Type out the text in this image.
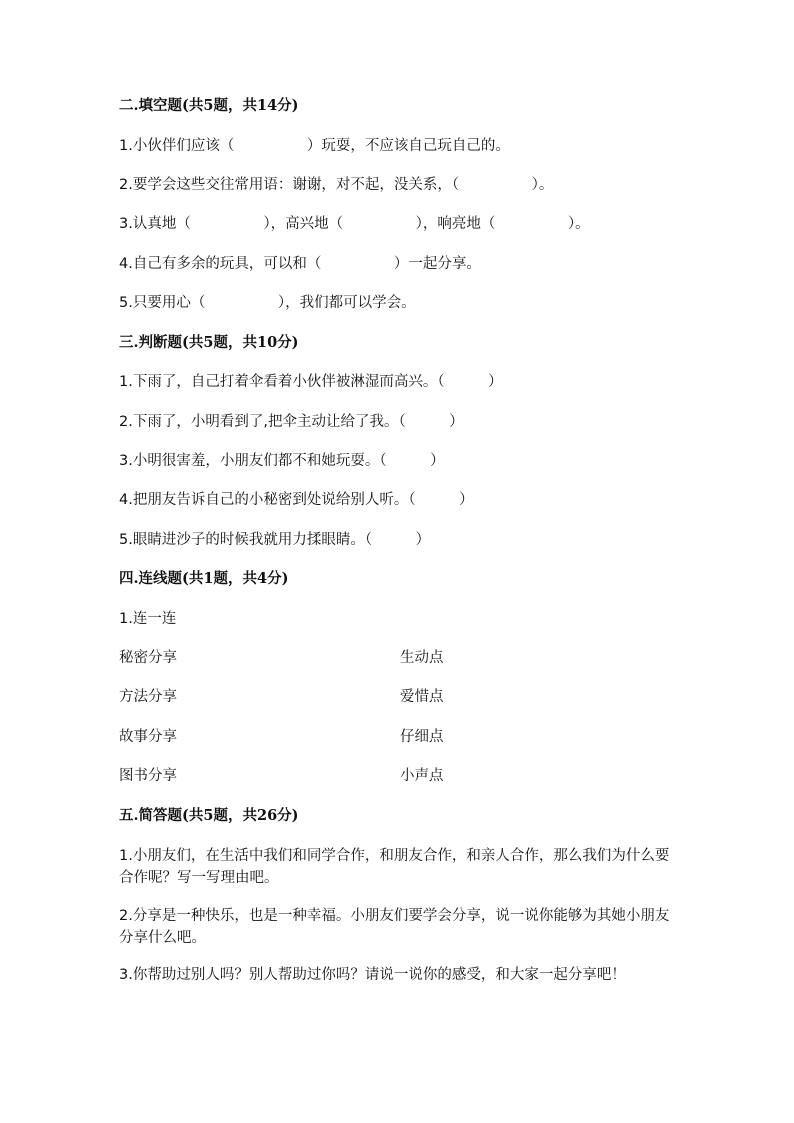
二.填空题(共5题，共14分)
1.小伙伴们应该（　　　　　）玩耍，不应该自己玩自己的。
2.要学会这些交往常用语：谢谢，对不起，没关系，（　　　　　）。
3.认真地（　　　　　），高兴地（　　　　　），响亮地（　　　　　）。
4.自己有多余的玩具，可以和（　　　　　）一起分享。
5.只要用心（　　　　　），我们都可以学会。
三.判断题(共5题，共10分)
1.下雨了，自己打着伞看着小伙伴被淋湿而高兴。（　　　）
2.下雨了，小明看到了,把伞主动让给了我。（　　　）
3.小明很害羞，小朋友们都不和她玩耍。（　　　）
4.把朋友告诉自己的小秘密到处说给别人听。（　　　）
5.眼睛进沙子的时候我就用力揉眼睛。（　　　）
四.连线题(共1题，共4分)
1.连一连
秘密分享	生动点
方法分享	爱惜点
故事分享	仔细点
图书分享	小声点
五.简答题(共5题，共26分)
1.小朋友们，在生活中我们和同学合作，和朋友合作，和亲人合作，那么我们为什么要合作呢？写一写理由吧。
2.分享是一种快乐，也是一种幸福。小朋友们要学会分享，说一说你能够为其她小朋友分享什么吧。
3.你帮助过别人吗？别人帮助过你吗？请说一说你的感受，和大家一起分享吧！
